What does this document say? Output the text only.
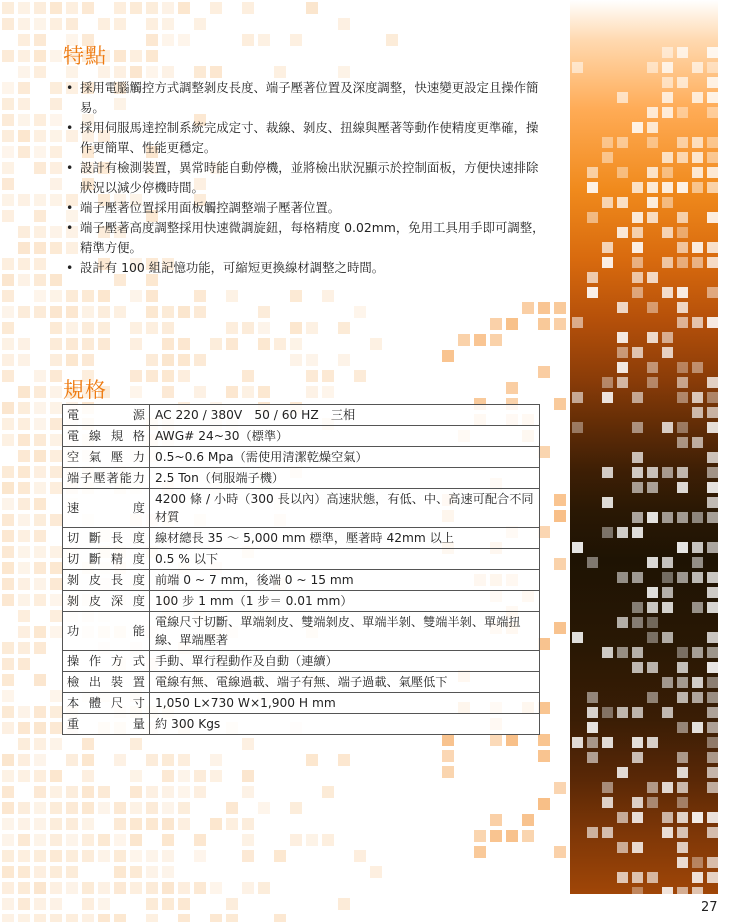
特點
• 採用電腦觸控方式調整剝皮長度、端子壓著位置及深度調整，快速變更設定且操作簡易。
• 採用伺服馬達控制系統完成定寸、裁線、剝皮、扭線與壓著等動作使精度更準確，操作更簡單、性能更穩定。
• 設計有檢測裝置，異常時能自動停機，並將檢出狀況顯示於控制面板，方便快速排除狀況以減少停機時間。
• 端子壓著位置採用面板觸控調整端子壓著位置。
• 端子壓著高度調整採用快速微調旋鈕，每格精度 0.02mm，免用工具用手即可調整，精準方便。
• 設計有 100 組記憶功能，可縮短更換線材調整之時間。
規格
電源	AC 220 / 380V　50 / 60 HZ　三相
電線規格	AWG# 24~30（標準）
空氣壓力	0.5~0.6 Mpa（需使用清潔乾燥空氣）
端子壓著能力	2.5 Ton（伺服端子機）
速度	4200 條 / 小時（300 長以內）高速狀態，有低、中、高速可配合不同材質
切斷長度	線材總長 35 ～ 5,000 mm 標準，壓著時 42mm 以上
切斷精度	0.5 % 以下
剝皮長度	前端 0 ~ 7 mm，後端 0 ~ 15 mm
剝皮深度	100 步 1 mm（1 步＝ 0.01 mm）
功能	電線尺寸切斷、單端剝皮、雙端剝皮、單端半剝、雙端半剝、單端扭線、單端壓著
操作方式	手動、單行程動作及自動（連續）
檢出裝置	電線有無、電線過載、端子有無、端子過載、氣壓低下
本體尺寸	1,050 L×730 W×1,900 H mm
重量	約 300 Kgs
27
